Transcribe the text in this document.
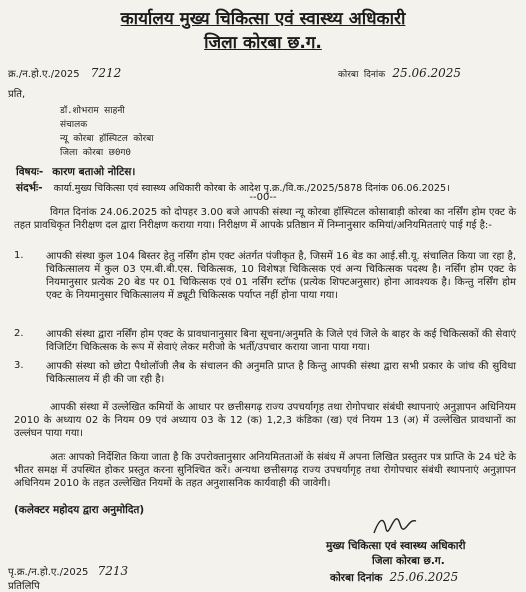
कार्यालय मुख्य चिकित्सा एवं स्वास्थ्य अधिकारी
जिला कोरबा छ.ग.
क्र./न.हो.ए./2025 7212	कोरबा दिनांक 25.06.2025
प्रति,
डॉ.शोभराम साहनी
संचालक
न्यू कोरबा हॉस्पिटल कोरबा
जिला कोरबा छ0ग0
विषयः- कारण बताओ नोटिस।
संदर्भः- कार्या.मुख्य चिकित्सा एवं स्वास्थ्य अधिकारी कोरबा के आदेश पृ.क्र./वि.क./2025/5878 दिनांक 06.06.2025।
--00--
विगत दिनांक 24.06.2025 को दोपहर 3.00 बजे आपकी संस्था न्यू कोरबा हॉस्पिटल कोसाबाड़ी कोरबा का नर्सिंग होम एक्ट के तहत प्रावधिकृत निरीक्षण दल द्वारा निरीक्षण कराया गया। निरीक्षण में आपके प्रतिष्ठान में निम्नानुसार कमियां/अनियमितताएं पाई गई है:-
1. आपकी संस्था कुल 104 बिस्तर हेतु नर्सिंग होम एक्ट अंतर्गत पंजीकृत है, जिसमें 16 बेड का आई.सी.यू. संचालित किया जा रहा है, चिकित्सालय में कुल 03 एम.बी.बी.एस. चिकित्सक, 10 विशेषज्ञ चिकित्सक एवं अन्य चिकित्सक पदस्थ है। नर्सिंग होम एक्ट के नियमानुसार प्रत्येक 20 बेड पर 01 चिकित्सक एवं 01 नर्सिंग स्टॉफ (प्रत्येक शिफ्टअनुसार) होना आवश्यक है। किन्तु नर्सिंग होम एक्ट के नियमानुसार चिकित्सालय में ड्यूटी चिकित्सक पर्याप्त नहीं होना पाया गया।
2. आपकी संस्था द्वारा नर्सिंग होम एक्ट के प्रावधानानुसार बिना सूचना/अनुमति के जिले एवं जिले के बाहर के कई चिकित्सकों की सेवाएं विजिटिंग चिकित्सक के रूप में सेवाएं लेकर मरीजो के भर्ती/उपचार कराया जाना पाया गया।
3. आपकी संस्था को छोटा पैथोलॉजी लैब के संचालन की अनुमति प्राप्त है किन्तु आपकी संस्था द्वारा सभी प्रकार के जांच की सुविधा चिकित्सालय में ही की जा रही है।
आपकी संस्था में उल्लेखित कमियों के आधार पर छत्तीसगढ़ राज्य उपचर्यागृह तथा रोगोपचार संबंधी स्थापनाएं अनुज्ञापन अधिनियम 2010 के अध्याय 02 के नियम 09 एवं अध्याय 03 के 12 (क) 1,2,3 कंडिका (ख) एवं नियम 13 (अ) में उल्लेखित प्रावधानों का उल्लंघन पाया गया।
अतः आपको निर्देशित किया जाता है कि उपरोक्तानुसार अनियमितताओं के संबंध में अपना लिखित प्रस्तुतर पत्र प्राप्ति के 24 घंटे के भीतर समक्ष में उपस्थित होकर प्रस्तुत करना सुनिश्चित करें। अन्यथा छत्तीसगढ़ राज्य उपचर्यागृह तथा रोगोपचार संबंधी स्थापनाएं अनुज्ञापन अधिनियम 2010 के तहत उल्लेखित नियमों के तहत अनुशासनिक कार्यवाही की जावेगी।
(कलेक्टर महोदय द्वारा अनुमोदित)
मुख्य चिकित्सा एवं स्वास्थ्य अधिकारी
जिला कोरबा छ.ग.
पृ.क्र./न.हो.ए./2025 7213
प्रतिलिपि
कोरबा दिनांक 25.06.2025
